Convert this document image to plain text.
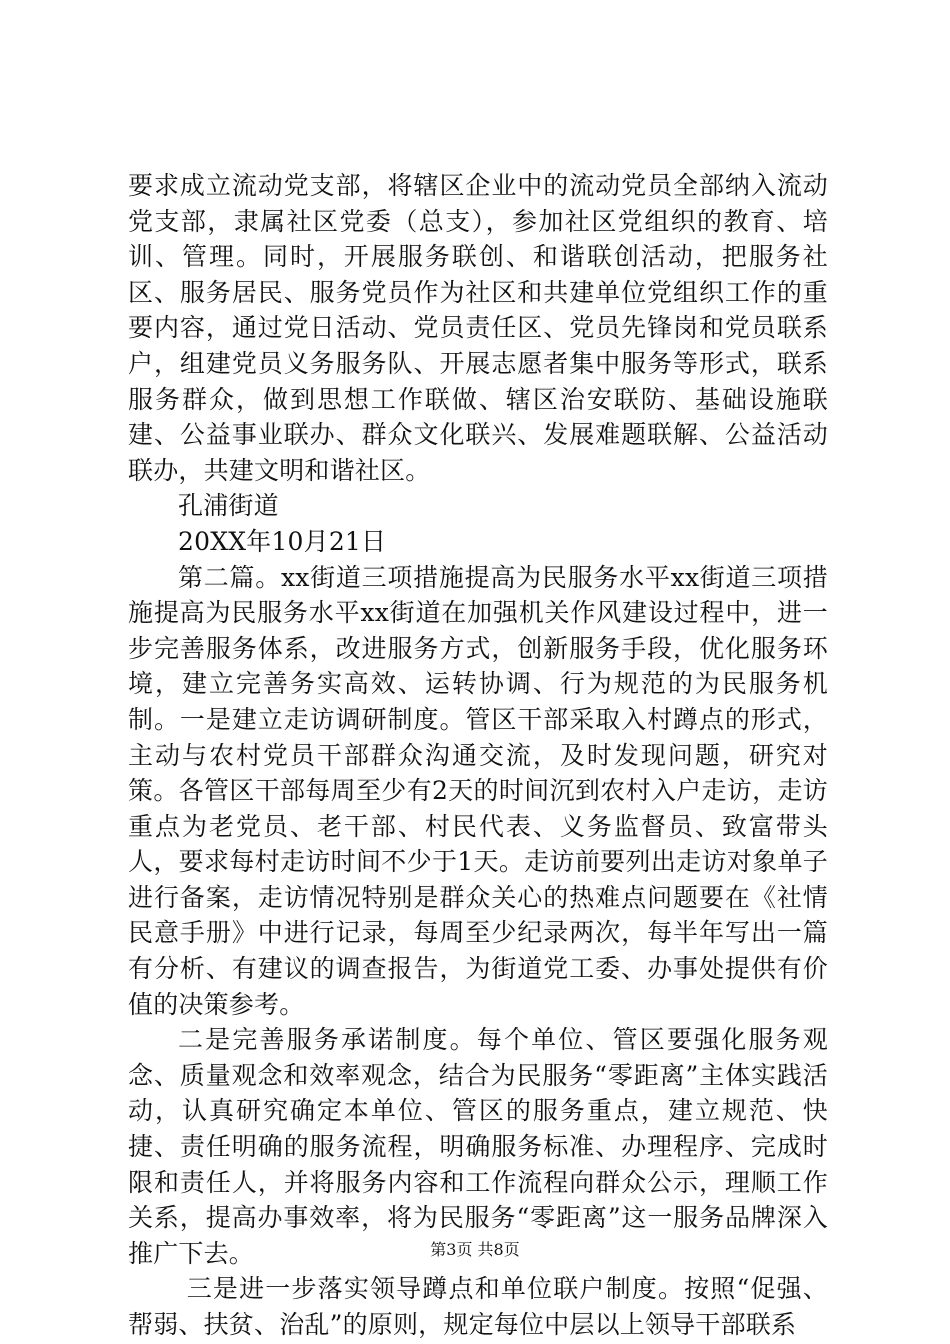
要求成立流动党支部，将辖区企业中的流动党员全部纳入流动党支部，隶属社区党委（总支），参加社区党组织的教育、培训、管理。同时，开展服务联创、和谐联创活动，把服务社区、服务居民、服务党员作为社区和共建单位党组织工作的重要内容，通过党日活动、党员责任区、党员先锋岗和党员联系户，组建党员义务服务队、开展志愿者集中服务等形式，联系服务群众，做到思想工作联做、辖区治安联防、基础设施联建、公益事业联办、群众文化联兴、发展难题联解、公益活动联办，共建文明和谐社区。

孔浦街道

20XX年10月21日

第二篇。xx街道三项措施提高为民服务水平xx街道三项措施提高为民服务水平xx街道在加强机关作风建设过程中，进一步完善服务体系，改进服务方式，创新服务手段，优化服务环境，建立完善务实高效、运转协调、行为规范的为民服务机制。一是建立走访调研制度。管区干部采取入村蹲点的形式，主动与农村党员干部群众沟通交流，及时发现问题，研究对策。各管区干部每周至少有2天的时间沉到农村入户走访，走访重点为老党员、老干部、村民代表、义务监督员、致富带头人，要求每村走访时间不少于1天。走访前要列出走访对象单子进行备案，走访情况特别是群众关心的热难点问题要在《社情民意手册》中进行记录，每周至少纪录两次，每半年写出一篇有分析、有建议的调查报告，为街道党工委、办事处提供有价值的决策参考。

二是完善服务承诺制度。每个单位、管区要强化服务观念、质量观念和效率观念，结合为民服务“零距离”主体实践活动，认真研究确定本单位、管区的服务重点，建立规范、快捷、责任明确的服务流程，明确服务标准、办理程序、完成时限和责任人，并将服务内容和工作流程向群众公示，理顺工作关系，提高办事效率，将为民服务“零距离”这一服务品牌深入推广下去。

三是进一步落实领导蹲点和单位联户制度。按照“促强、帮弱、扶贫、治乱”的原则，规定每位中层以上领导干部联系

第3页 共8页
